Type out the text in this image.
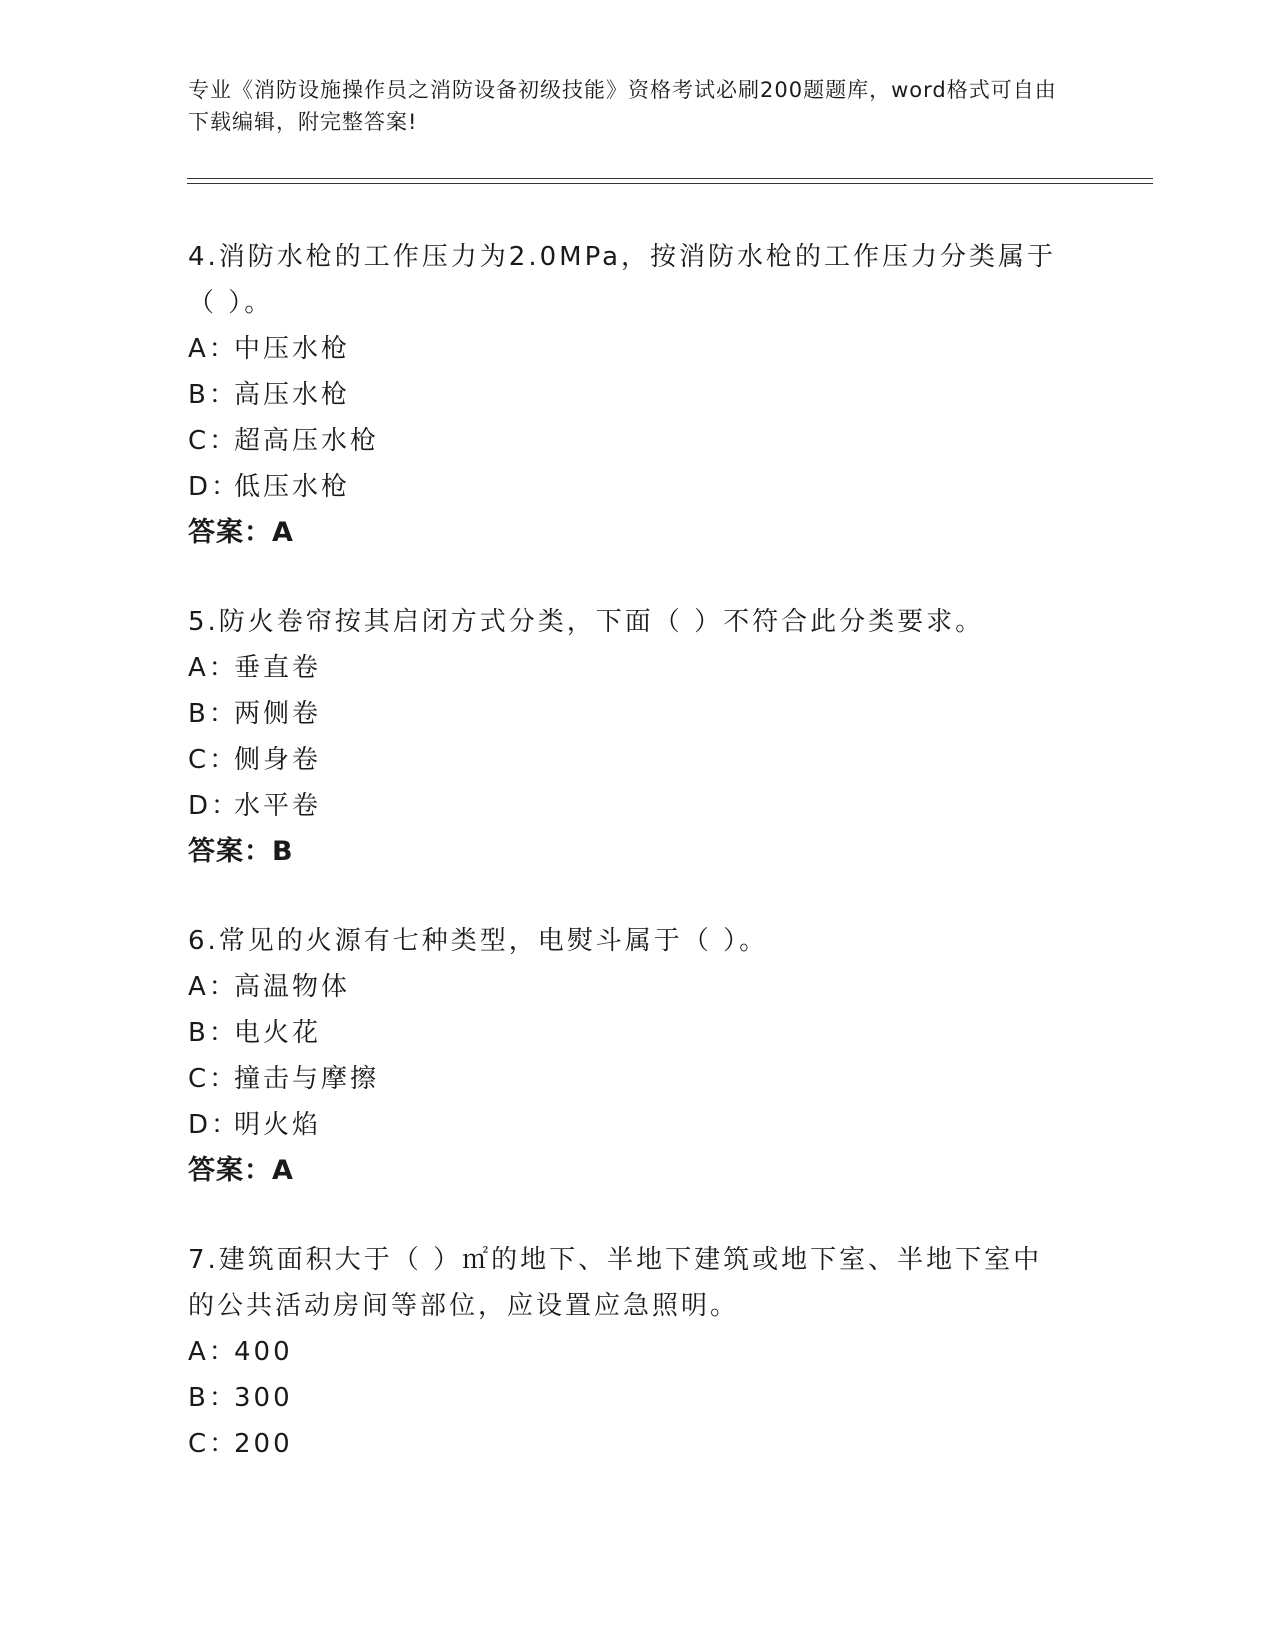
专业《消防设施操作员之消防设备初级技能》资格考试必刷200题题库，word格式可自由下载编辑，附完整答案!
4.消防水枪的工作压力为2.0MPa，按消防水枪的工作压力分类属于（ ）。
A：
中压水枪
B：
高压水枪
C：
超高压水枪
D：
低压水枪
答案：A
5.防火卷帘按其启闭方式分类，下面（ ）不符合此分类要求。
A：
垂直卷
B：
两侧卷
C：
侧身卷
D：
水平卷
答案：B
6.常见的火源有七种类型，电熨斗属于（ ）。
A：
高温物体
B：
电火花
C：
撞击与摩擦
D：
明火焰
答案：A
7.建筑面积大于（ ）㎡的地下、半地下建筑或地下室、半地下室中的公共活动房间等部位，应设置应急照明。
A：
400
B：
300
C：
200
